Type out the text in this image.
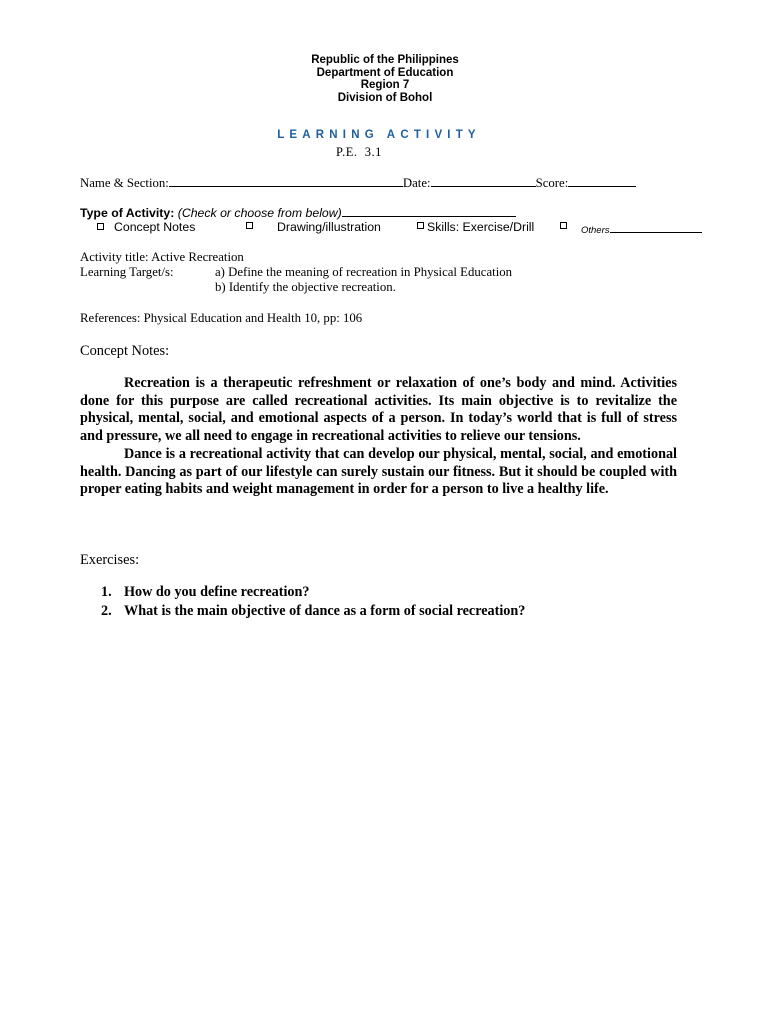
Republic of the Philippines
Department of Education
Region 7
Division of Bohol
LEARNING ACTIVITY
P.E.  3.1
Name & Section:	Date:	Score:
Type of Activity: (Check or choose from below)
Concept Notes	Drawing/illustration	Skills: Exercise/Drill	Others
Activity title: Active Recreation
Learning Target/s:	a) Define the meaning of recreation in Physical Education
b) Identify the objective recreation.
References: Physical Education and Health 10, pp: 106
Concept Notes:

Recreation is a therapeutic refreshment or relaxation of one’s body and mind. Activities done for this purpose are called recreational activities. Its main objective is to revitalize the physical, mental, social, and emotional aspects of a person. In today’s world that is full of stress and pressure, we all need to engage in recreational activities to relieve our tensions.

Dance is a recreational activity that can develop our physical, mental, social, and emotional health. Dancing as part of our lifestyle can surely sustain our fitness. But it should be coupled with proper eating habits and weight management in order for a person to live a healthy life.

Exercises:
1. How do you define recreation?
2. What is the main objective of dance as a form of social recreation?
